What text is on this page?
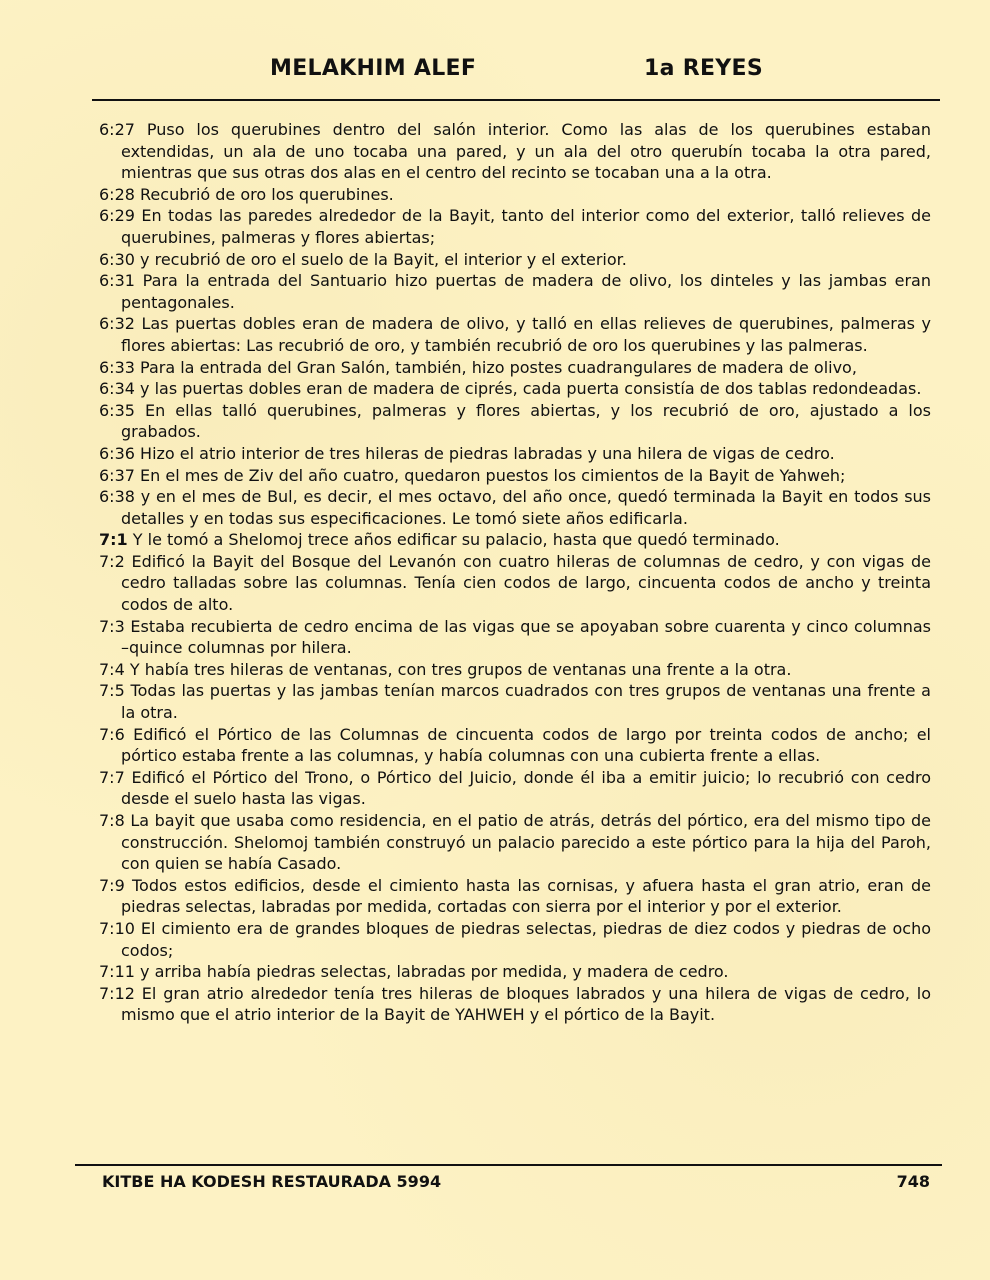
MELAKHIM ALEF	1a REYES

6:27 Puso los querubines dentro del salón interior. Como las alas de los querubines estaban extendidas, un ala de uno tocaba una pared, y un ala del otro querubín tocaba la otra pared, mientras que sus otras dos alas en el centro del recinto se tocaban una a la otra.

6:28 Recubrió de oro los querubines.

6:29 En todas las paredes alrededor de la Bayit, tanto del interior como del exterior, talló relieves de querubines, palmeras y flores abiertas;

6:30 y recubrió de oro el suelo de la Bayit, el interior y el exterior.

6:31 Para la entrada del Santuario hizo puertas de madera de olivo, los dinteles y las jambas eran pentagonales.

6:32 Las puertas dobles eran de madera de olivo, y talló en ellas relieves de querubines, palmeras y flores abiertas: Las recubrió de oro, y también recubrió de oro los querubines y las palmeras.

6:33 Para la entrada del Gran Salón, también, hizo postes cuadrangulares de madera de olivo,

6:34 y las puertas dobles eran de madera de ciprés, cada puerta consistía de dos tablas redondeadas.

6:35 En ellas talló querubines, palmeras y flores abiertas, y los recubrió de oro, ajustado a los grabados.

6:36 Hizo el atrio interior de tres hileras de piedras labradas y una hilera de vigas de cedro.

6:37 En el mes de Ziv del año cuatro, quedaron puestos los cimientos de la Bayit de Yahweh;

6:38 y en el mes de Bul, es decir, el mes octavo, del año once, quedó terminada la Bayit en todos sus detalles y en todas sus especificaciones. Le tomó siete años edificarla.

7:1 Y le tomó a Shelomoj trece años edificar su palacio, hasta que quedó terminado.

7:2 Edificó la Bayit del Bosque del Levanón con cuatro hileras de columnas de cedro, y con vigas de cedro talladas sobre las columnas. Tenía cien codos de largo, cincuenta codos de ancho y treinta codos de alto.

7:3 Estaba recubierta de cedro encima de las vigas que se apoyaban sobre cuarenta y cinco columnas –quince columnas por hilera.

7:4 Y había tres hileras de ventanas, con tres grupos de ventanas una frente a la otra.

7:5 Todas las puertas y las jambas tenían marcos cuadrados con tres grupos de ventanas una frente a la otra.

7:6 Edificó el Pórtico de las Columnas de cincuenta codos de largo por treinta codos de ancho; el pórtico estaba frente a las columnas, y había columnas con una cubierta frente a ellas.

7:7 Edificó el Pórtico del Trono, o Pórtico del Juicio, donde él iba a emitir juicio; lo recubrió con cedro desde el suelo hasta las vigas.

7:8 La bayit que usaba como residencia, en el patio de atrás, detrás del pórtico, era del mismo tipo de construcción. Shelomoj también construyó un palacio parecido a este pórtico para la hija del Paroh, con quien se había Casado.

7:9 Todos estos edificios, desde el cimiento hasta las cornisas, y afuera hasta el gran atrio, eran de piedras selectas, labradas por medida, cortadas con sierra por el interior y por el exterior.

7:10 El cimiento era de grandes bloques de piedras selectas, piedras de diez codos y piedras de ocho codos;

7:11 y arriba había piedras selectas, labradas por medida, y madera de cedro.

7:12 El gran atrio alrededor tenía tres hileras de bloques labrados y una hilera de vigas de cedro, lo mismo que el atrio interior de la Bayit de YAHWEH y el pórtico de la Bayit.

KITBE HA KODESH RESTAURADA 5994	748
